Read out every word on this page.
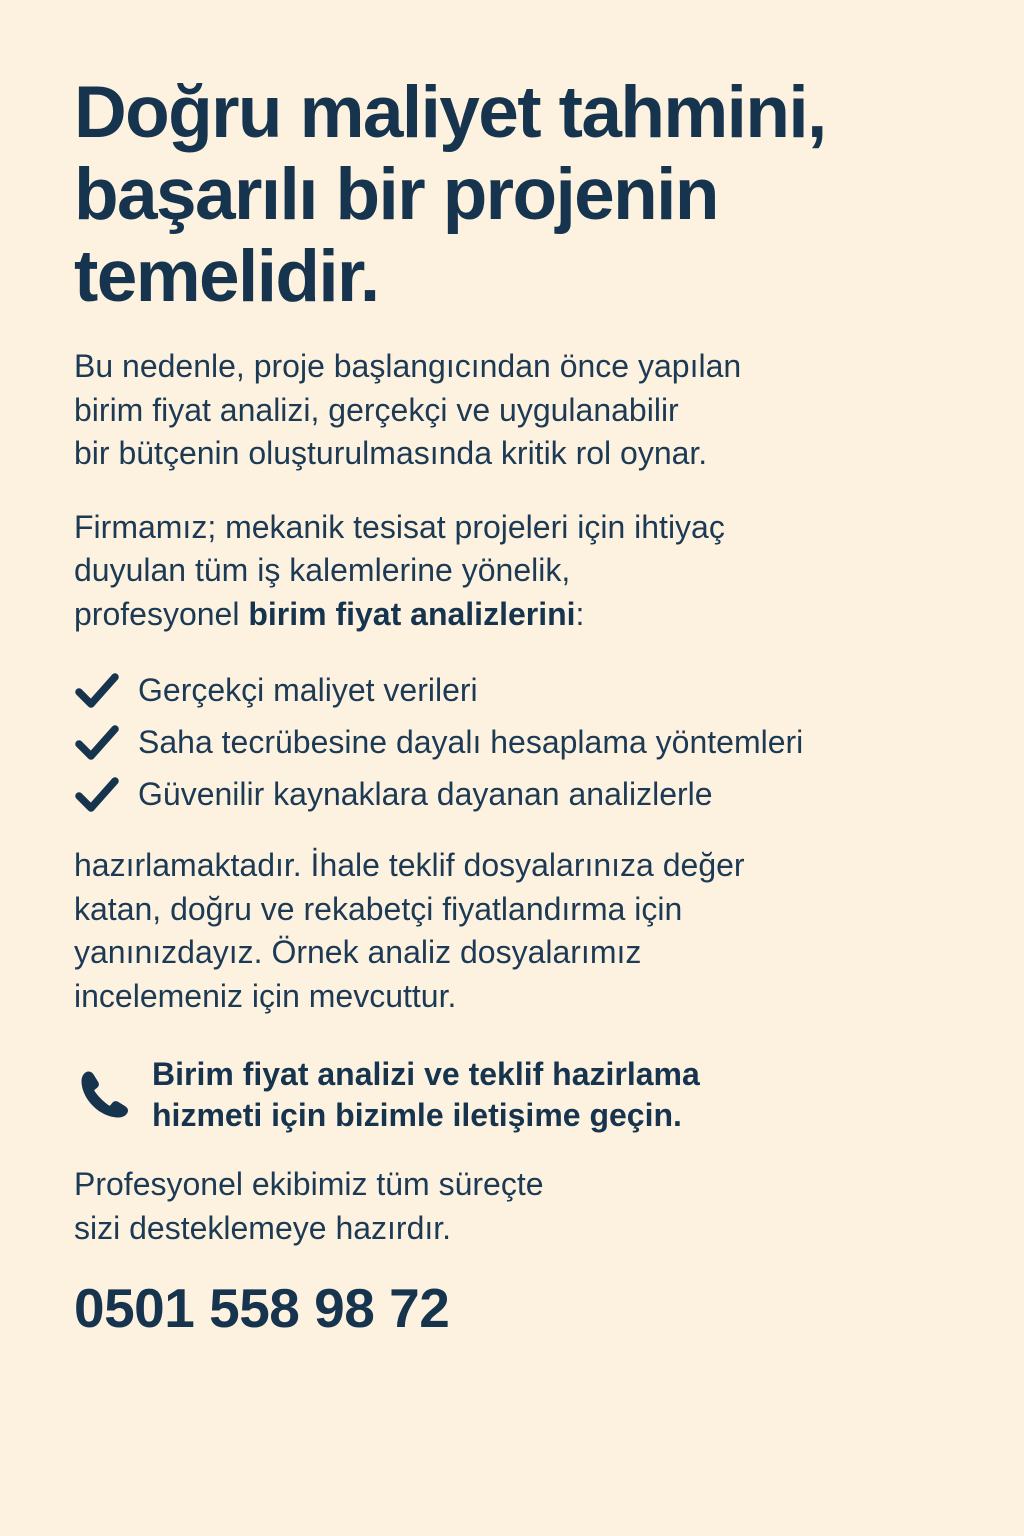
Doğru maliyet tahmini,
başarılı bir projenin
temelidir.

Bu nedenle, proje başlangıcından önce yapılan
birim fiyat analizi, gerçekçi ve uygulanabilir
bir bütçenin oluşturulmasında kritik rol oynar.

Firmamız; mekanik tesisat projeleri için ihtiyaç
duyulan tüm iş kalemlerine yönelik,
profesyonel birim fiyat analizlerini:

Gerçekçi maliyet verileri
Saha tecrübesine dayalı hesaplama yöntemleri
Güvenilir kaynaklara dayanan analizlerle

hazırlamaktadır. İhale teklif dosyalarınıza değer
katan, doğru ve rekabetçi fiyatlandırma için
yanınızdayız. Örnek analiz dosyalarımız
incelemeniz için mevcuttur.

Birim fiyat analizi ve teklif hazirlama
hizmeti için bizimle iletişime geçin.

Profesyonel ekibimiz tüm süreçte
sizi desteklemeye hazırdır.

0501 558 98 72
